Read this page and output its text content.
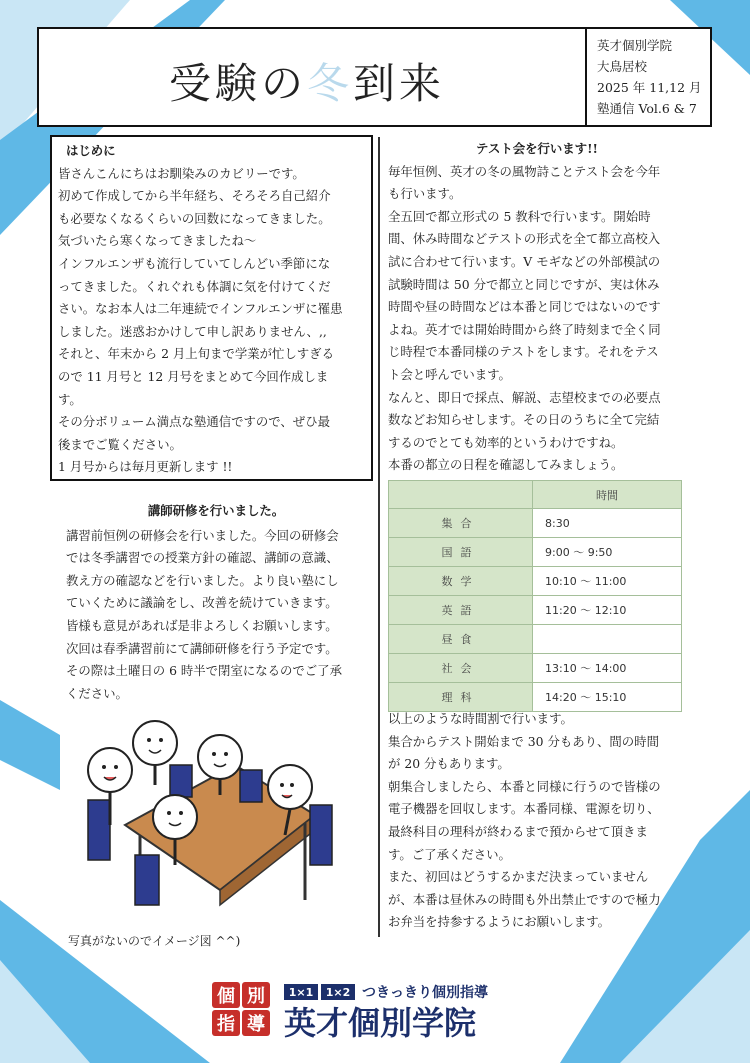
受験の冬到来
英才個別学院
大鳥居校
2025 年 11,12 月
塾通信 Vol.6 & 7

はじめに

皆さんこんにちはお馴染みのカビリーです。

初めて作成してから半年経ち、そろそろ自己紹介

も必要なくなるくらいの回数になってきました。

気づいたら寒くなってきましたね〜

インフルエンザも流行していてしんどい季節にな

ってきました。くれぐれも体調に気を付けてくだ

さい。なお本人は二年連続でインフルエンザに罹患

しました。迷惑おかけして申し訳ありません、,,

それと、年末から 2 月上旬まで学業が忙しすぎる

ので 11 月号と 12 月号をまとめて今回作成しま

す。

その分ボリューム満点な塾通信ですので、ぜひ最

後までご覧ください。

1 月号からは毎月更新します !!

講師研修を行いました。

講習前恒例の研修会を行いました。今回の研修会

では冬季講習での授業方針の確認、講師の意識、

教え方の確認などを行いました。より良い塾にし

ていくために議論をし、改善を続けていきます。

皆様も意見があれば是非よろしくお願いします。

次回は春季講習前にて講師研修を行う予定です。

その際は土曜日の 6 時半で閉室になるのでご了承

ください。

写真がないのでイメージ図 ^^)

テスト会を行います!!

毎年恒例、英才の冬の風物詩ことテスト会を今年

も行います。

全五回で都立形式の 5 教科で行います。開始時

間、休み時間などテストの形式を全て都立高校入

試に合わせて行います。V モギなどの外部模試の

試験時間は 50 分で都立と同じですが、実は休み

時間や昼の時間などは本番と同じではないのです

よね。英才では開始時間から終了時刻まで全く同

じ時程で本番同様のテストをします。それをテス

ト会と呼んでいます。

なんと、即日で採点、解説、志望校までの必要点

数などお知らせします。その日のうちに全て完結

するのでとても効率的というわけですね。

本番の都立の日程を確認してみましょう。

	時間
集合	8:30
国語	9:00 〜 9:50
数学	10:10 〜 11:00
英語	11:20 〜 12:10
昼食	
社会	13:10 〜 14:00
理科	14:20 〜 15:10

以上のような時間割で行います。

集合からテスト開始まで 30 分もあり、間の時間

が 20 分もあります。

朝集合しましたら、本番と同様に行うので皆様の

電子機器を回収します。本番同様、電源を切り、

最終科目の理科が終わるまで預からせて頂きま

す。ご了承ください。

また、初回はどうするかまだ決まっていません

が、本番は昼休みの時間も外出禁止ですので極力

お弁当を持参するようにお願いします。

個 別
指 導
1×1 1×2 つきっきり個別指導
英才個別学院
